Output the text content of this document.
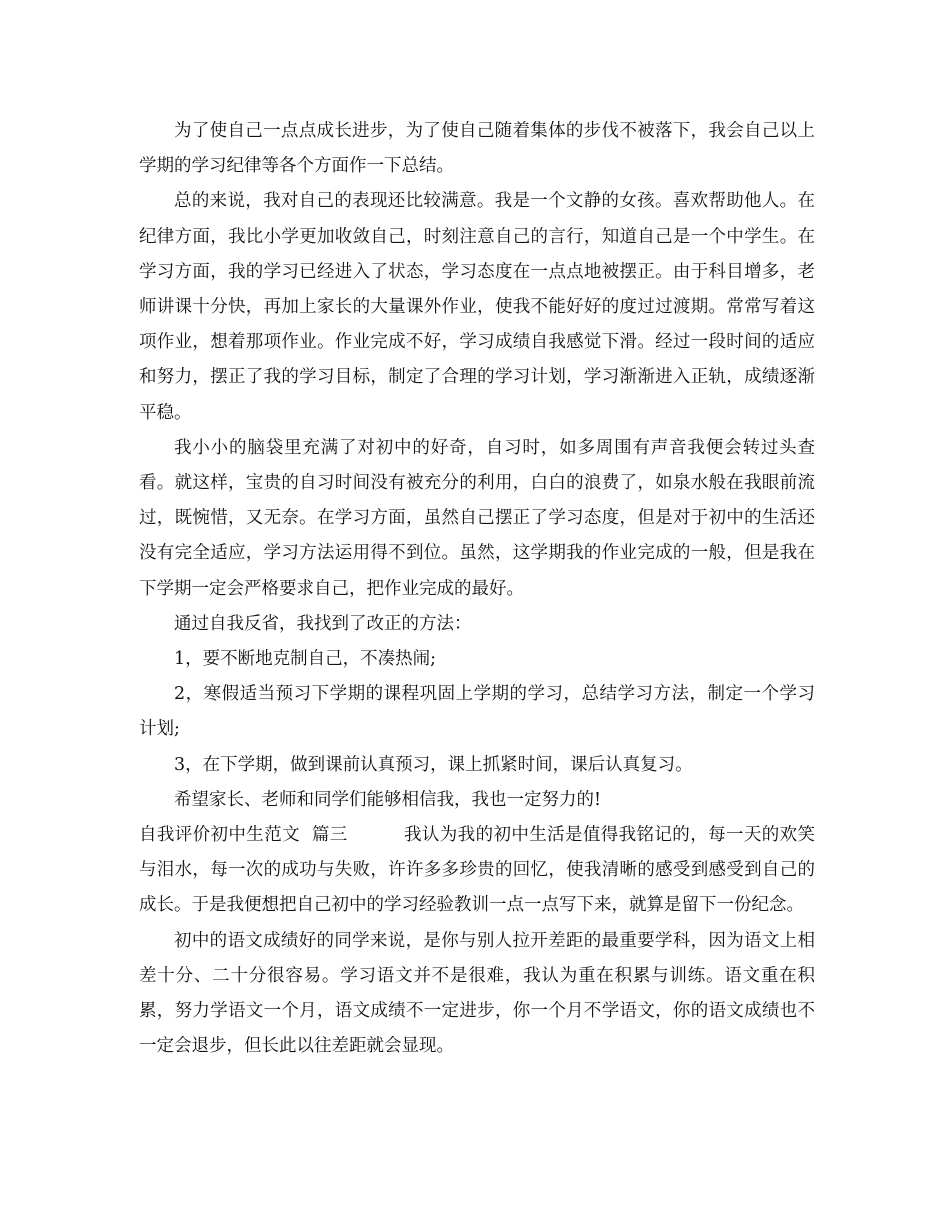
为了使自己一点点成长进步，为了使自己随着集体的步伐不被落下，我会自己以上学期的学习纪律等各个方面作一下总结。

总的来说，我对自己的表现还比较满意。我是一个文静的女孩。喜欢帮助他人。在纪律方面，我比小学更加收敛自己，时刻注意自己的言行，知道自己是一个中学生。在学习方面，我的学习已经进入了状态，学习态度在一点点地被摆正。由于科目增多，老师讲课十分快，再加上家长的大量课外作业，使我不能好好的度过过渡期。常常写着这项作业，想着那项作业。作业完成不好，学习成绩自我感觉下滑。经过一段时间的适应和努力，摆正了我的学习目标，制定了合理的学习计划，学习渐渐进入正轨，成绩逐渐平稳。

我小小的脑袋里充满了对初中的好奇，自习时，如多周围有声音我便会转过头查看。就这样，宝贵的自习时间没有被充分的利用，白白的浪费了，如泉水般在我眼前流过，既惋惜，又无奈。在学习方面，虽然自己摆正了学习态度，但是对于初中的生活还没有完全适应，学习方法运用得不到位。虽然，这学期我的作业完成的一般，但是我在下学期一定会严格要求自己，把作业完成的最好。

通过自我反省，我找到了改正的方法：

1，要不断地克制自己，不凑热闹;

2，寒假适当预习下学期的课程巩固上学期的学习，总结学习方法，制定一个学习计划;

3，在下学期，做到课前认真预习，课上抓紧时间，课后认真复习。

希望家长、老师和同学们能够相信我，我也一定努力的!

自我评价初中生范文  篇三	我认为我的初中生活是值得我铭记的，每一天的欢笑与泪水，每一次的成功与失败，许许多多珍贵的回忆，使我清晰的感受到感受到自己的成长。于是我便想把自己初中的学习经验教训一点一点写下来，就算是留下一份纪念。

初中的语文成绩好的同学来说，是你与别人拉开差距的最重要学科，因为语文上相差十分、二十分很容易。学习语文并不是很难，我认为重在积累与训练。语文重在积累，努力学语文一个月，语文成绩不一定进步，你一个月不学语文，你的语文成绩也不一定会退步，但长此以往差距就会显现。
